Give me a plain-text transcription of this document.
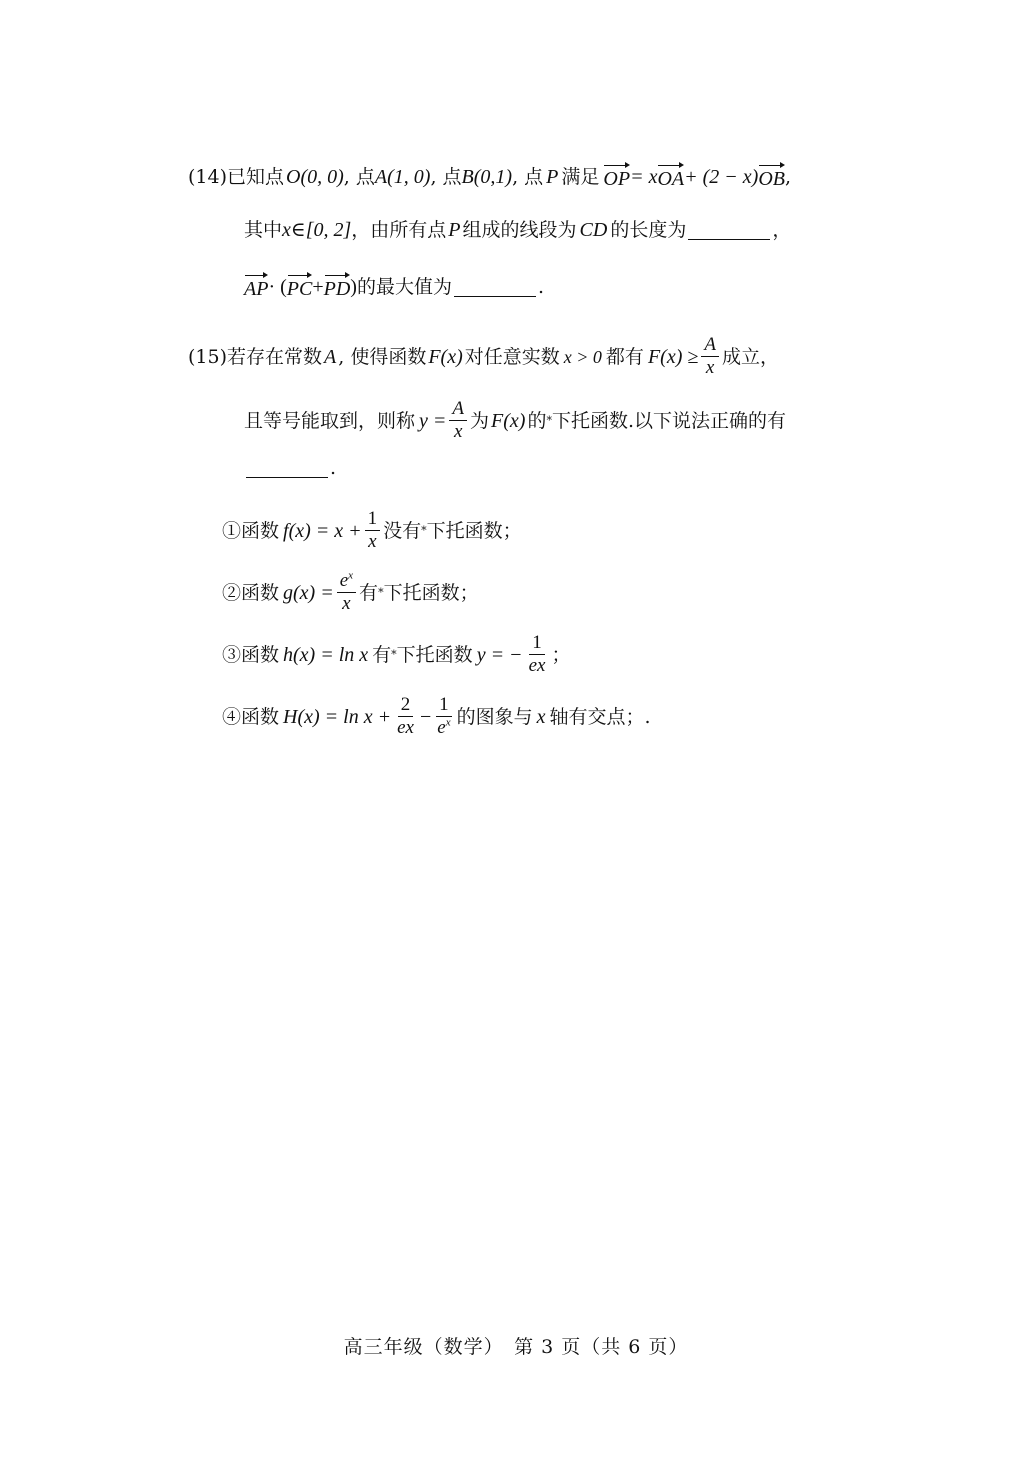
(14) 已知点 O(0, 0) , 点 A(1, 0) , 点 B(0,1) , 点 P 满足 OP = x OA + (2 − x) OB ,
其中 x∈[0, 2] ，由所有点 P 组成的线段为 CD 的长度为	，
AP · ( PC + PD ) 的最大值为	.
(15) 若存在常数 A , 使得函数 F(x) 对任意实数 x > 0 都有 $F(x) \ge \frac{A}{x}$ 成立，
且等号能取到，则称 $y = \frac{A}{x}$ 为 F(x) 的 * 下托函数.以下说法正确的有
.
①函数 $f(x) = x + \frac{1}{x}$ 没有 * 下托函数；
②函数 $g(x) = \frac{e^x}{x}$ 有 * 下托函数；
③函数 h(x) = ln x 有 * 下托函数 y = − $\frac{1}{ex}$ ；
④函数 $H(x) = \ln x + \frac{2}{ex} - \frac{1}{e^x}$ 的图象与 x 轴有交点；.
高三年级（数学）　第 3 页（共 6 页）
